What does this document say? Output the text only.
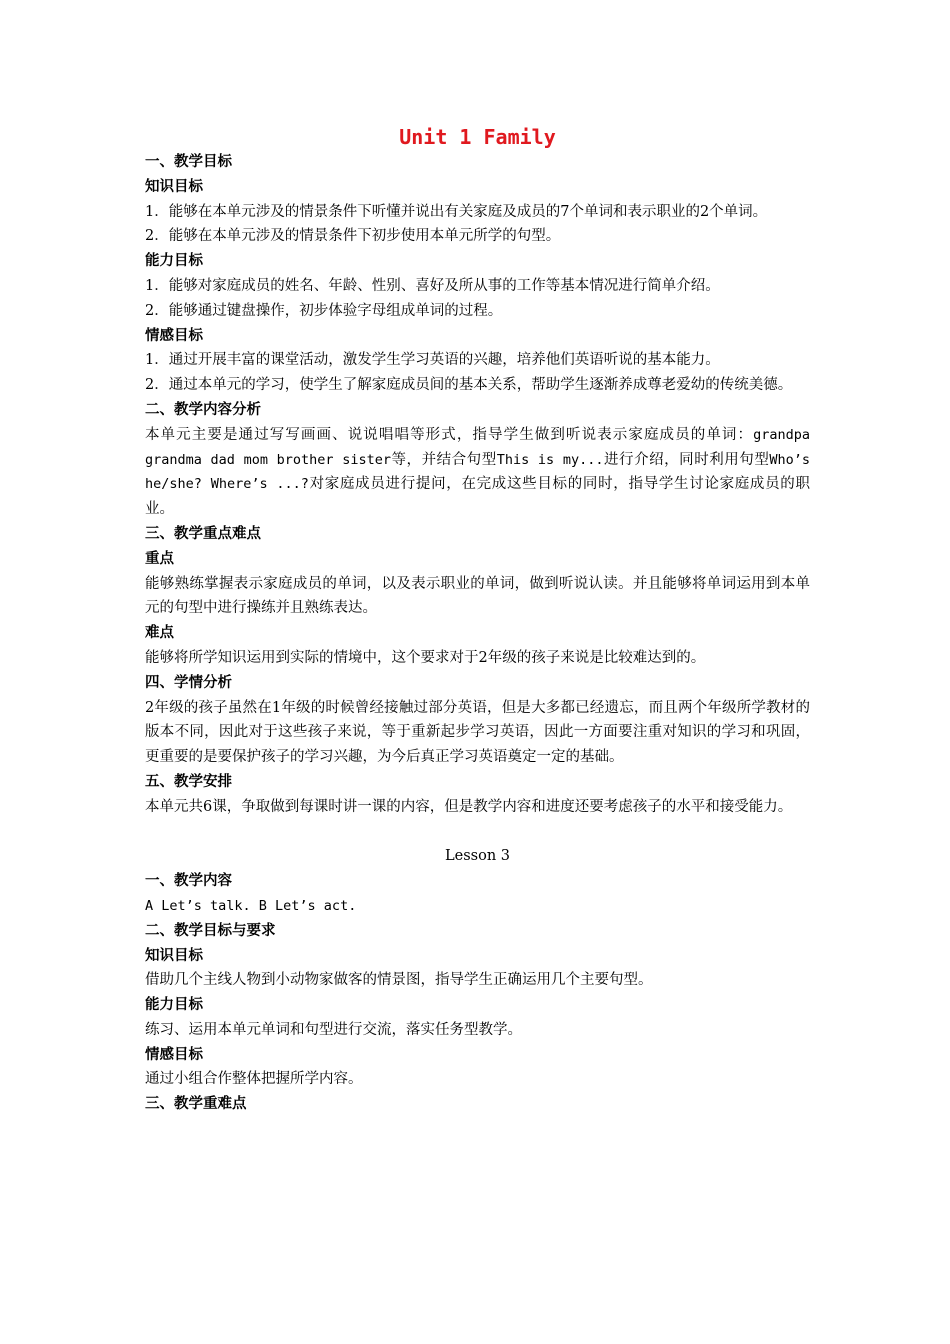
Unit 1 Family
一、教学目标
知识目标
1．能够在本单元涉及的情景条件下听懂并说出有关家庭及成员的7个单词和表示职业的2个单词。
2．能够在本单元涉及的情景条件下初步使用本单元所学的句型。
能力目标
1．能够对家庭成员的姓名、年龄、性别、喜好及所从事的工作等基本情况进行简单介绍。
2．能够通过键盘操作，初步体验字母组成单词的过程。
情感目标
1．通过开展丰富的课堂活动，激发学生学习英语的兴趣，培养他们英语听说的基本能力。
2．通过本单元的学习，使学生了解家庭成员间的基本关系，帮助学生逐渐养成尊老爱幼的传统美德。
二、教学内容分析
本单元主要是通过写写画画、说说唱唱等形式，指导学生做到听说表示家庭成员的单词：grandpa grandma dad mom brother sister等，并结合句型This is my...进行介绍，同时利用句型Who’s he/she? Where’s ...?对家庭成员进行提问，在完成这些目标的同时，指导学生讨论家庭成员的职业。
三、教学重点难点
重点
能够熟练掌握表示家庭成员的单词，以及表示职业的单词，做到听说认读。并且能够将单词运用到本单元的句型中进行操练并且熟练表达。
难点
能够将所学知识运用到实际的情境中，这个要求对于2年级的孩子来说是比较难达到的。
四、学情分析
2年级的孩子虽然在1年级的时候曾经接触过部分英语，但是大多都已经遗忘，而且两个年级所学教材的版本不同，因此对于这些孩子来说，等于重新起步学习英语，因此一方面要注重对知识的学习和巩固，更重要的是要保护孩子的学习兴趣，为今后真正学习英语奠定一定的基础。
五、教学安排
本单元共6课，争取做到每课时讲一课的内容，但是教学内容和进度还要考虑孩子的水平和接受能力。
Lesson 3
一、教学内容
A Let’s talk. B Let’s act.
二、教学目标与要求
知识目标
借助几个主线人物到小动物家做客的情景图，指导学生正确运用几个主要句型。
能力目标
练习、运用本单元单词和句型进行交流，落实任务型教学。
情感目标
通过小组合作整体把握所学内容。
三、教学重难点
